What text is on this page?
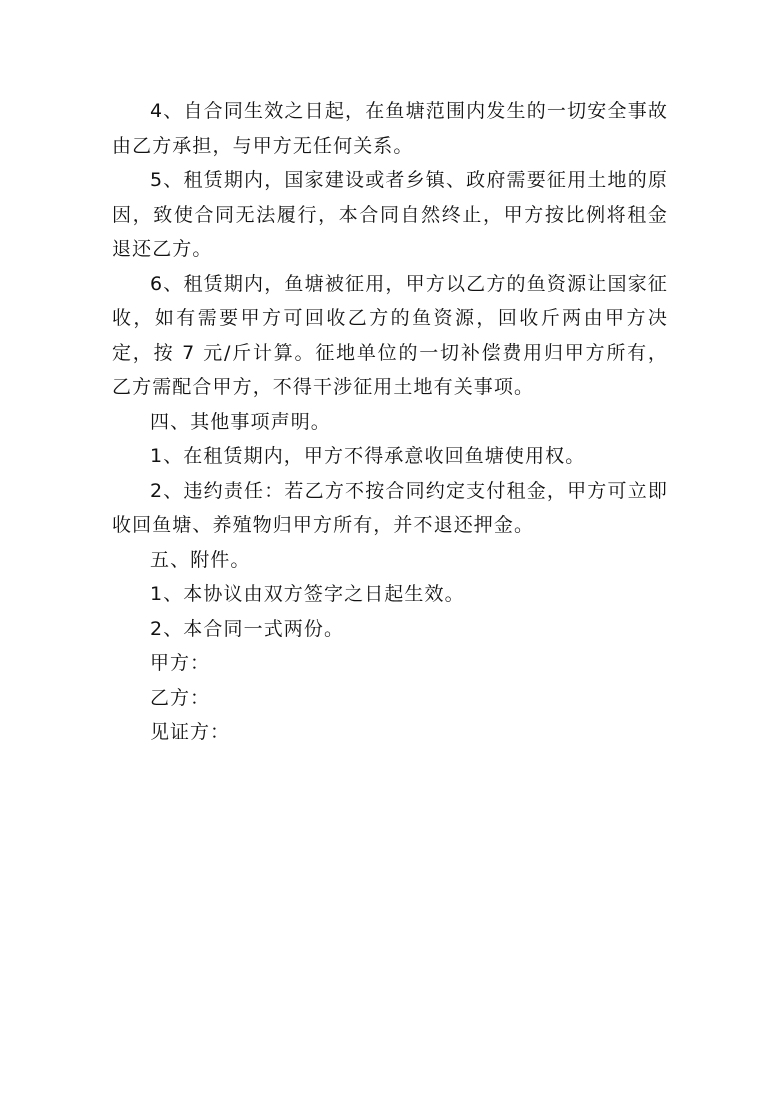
4、自合同生效之日起，在鱼塘范围内发生的一切安全事故由乙方承担，与甲方无任何关系。

5、租赁期内，国家建设或者乡镇、政府需要征用土地的原因，致使合同无法履行，本合同自然终止，甲方按比例将租金退还乙方。

6、租赁期内，鱼塘被征用，甲方以乙方的鱼资源让国家征收，如有需要甲方可回收乙方的鱼资源，回收斤两由甲方决定，按 7 元/斤计算。征地单位的一切补偿费用归甲方所有，乙方需配合甲方，不得干涉征用土地有关事项。

四、其他事项声明。

1、在租赁期内，甲方不得承意收回鱼塘使用权。

2、违约责任：若乙方不按合同约定支付租金，甲方可立即收回鱼塘、养殖物归甲方所有，并不退还押金。

五、附件。

1、本协议由双方签字之日起生效。

2、本合同一式两份。

甲方：

乙方：

见证方：
